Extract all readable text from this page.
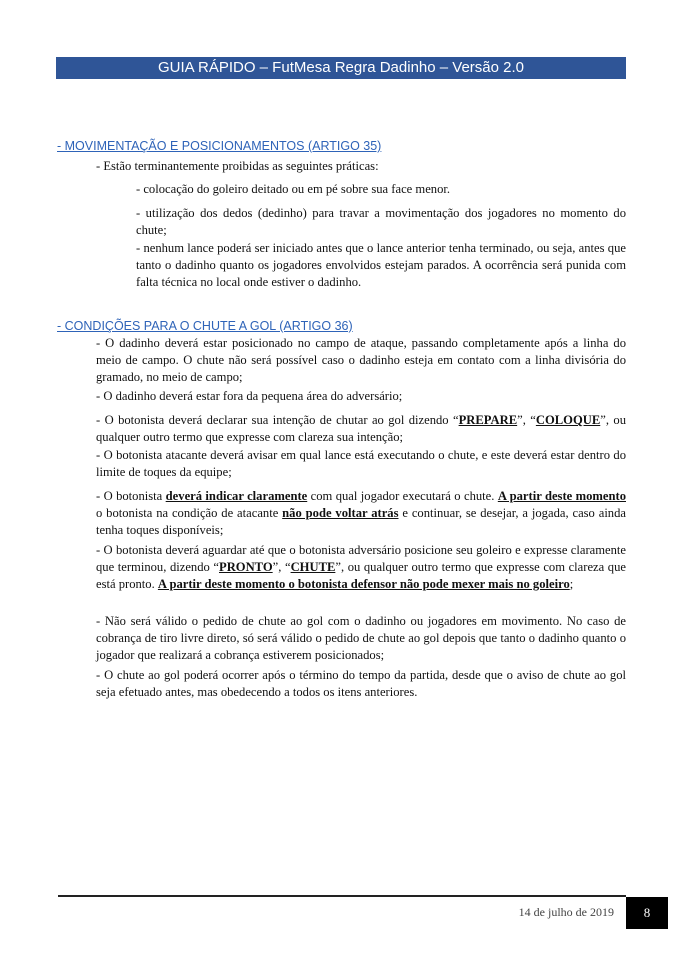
GUIA RÁPIDO – FutMesa Regra Dadinho – Versão 2.0
- MOVIMENTAÇÃO E POSICIONAMENTOS (ARTIGO 35)
- Estão terminantemente proibidas as seguintes práticas:
- colocação do goleiro deitado ou em pé sobre sua face menor.
- utilização dos dedos (dedinho) para travar a movimentação dos jogadores no momento do chute;
- nenhum lance poderá ser iniciado antes que o lance anterior tenha terminado, ou seja, antes que tanto o dadinho quanto os jogadores envolvidos estejam parados. A ocorrência será punida com falta técnica no local onde estiver o dadinho.
- CONDIÇÕES PARA O CHUTE A GOL (ARTIGO 36)
- O dadinho deverá estar posicionado no campo de ataque, passando completamente após a linha do meio de campo. O chute não será possível caso o dadinho esteja em contato com a linha divisória do gramado, no meio de campo;
- O dadinho deverá estar fora da pequena área do adversário;
- O botonista deverá declarar sua intenção de chutar ao gol dizendo “PREPARE”, “COLOQUE”, ou qualquer outro termo que expresse com clareza sua intenção;
- O botonista atacante deverá avisar em qual lance está executando o chute, e este deverá estar dentro do limite de toques da equipe;
- O botonista deverá indicar claramente com qual jogador executará o chute. A partir deste momento o botonista na condição de atacante não pode voltar atrás e continuar, se desejar, a jogada, caso ainda tenha toques disponíveis;
- O botonista deverá aguardar até que o botonista adversário posicione seu goleiro e expresse claramente que terminou, dizendo “PRONTO”, “CHUTE”, ou qualquer outro termo que expresse com clareza que está pronto. A partir deste momento o botonista defensor não pode mexer mais no goleiro;
- Não será válido o pedido de chute ao gol com o dadinho ou jogadores em movimento. No caso de cobrança de tiro livre direto, só será válido o pedido de chute ao gol depois que tanto o dadinho quanto o jogador que realizará a cobrança estiverem posicionados;
- O chute ao gol poderá ocorrer após o término do tempo da partida, desde que o aviso de chute ao gol seja efetuado antes, mas obedecendo a todos os itens anteriores.
14 de julho de 2019	8
